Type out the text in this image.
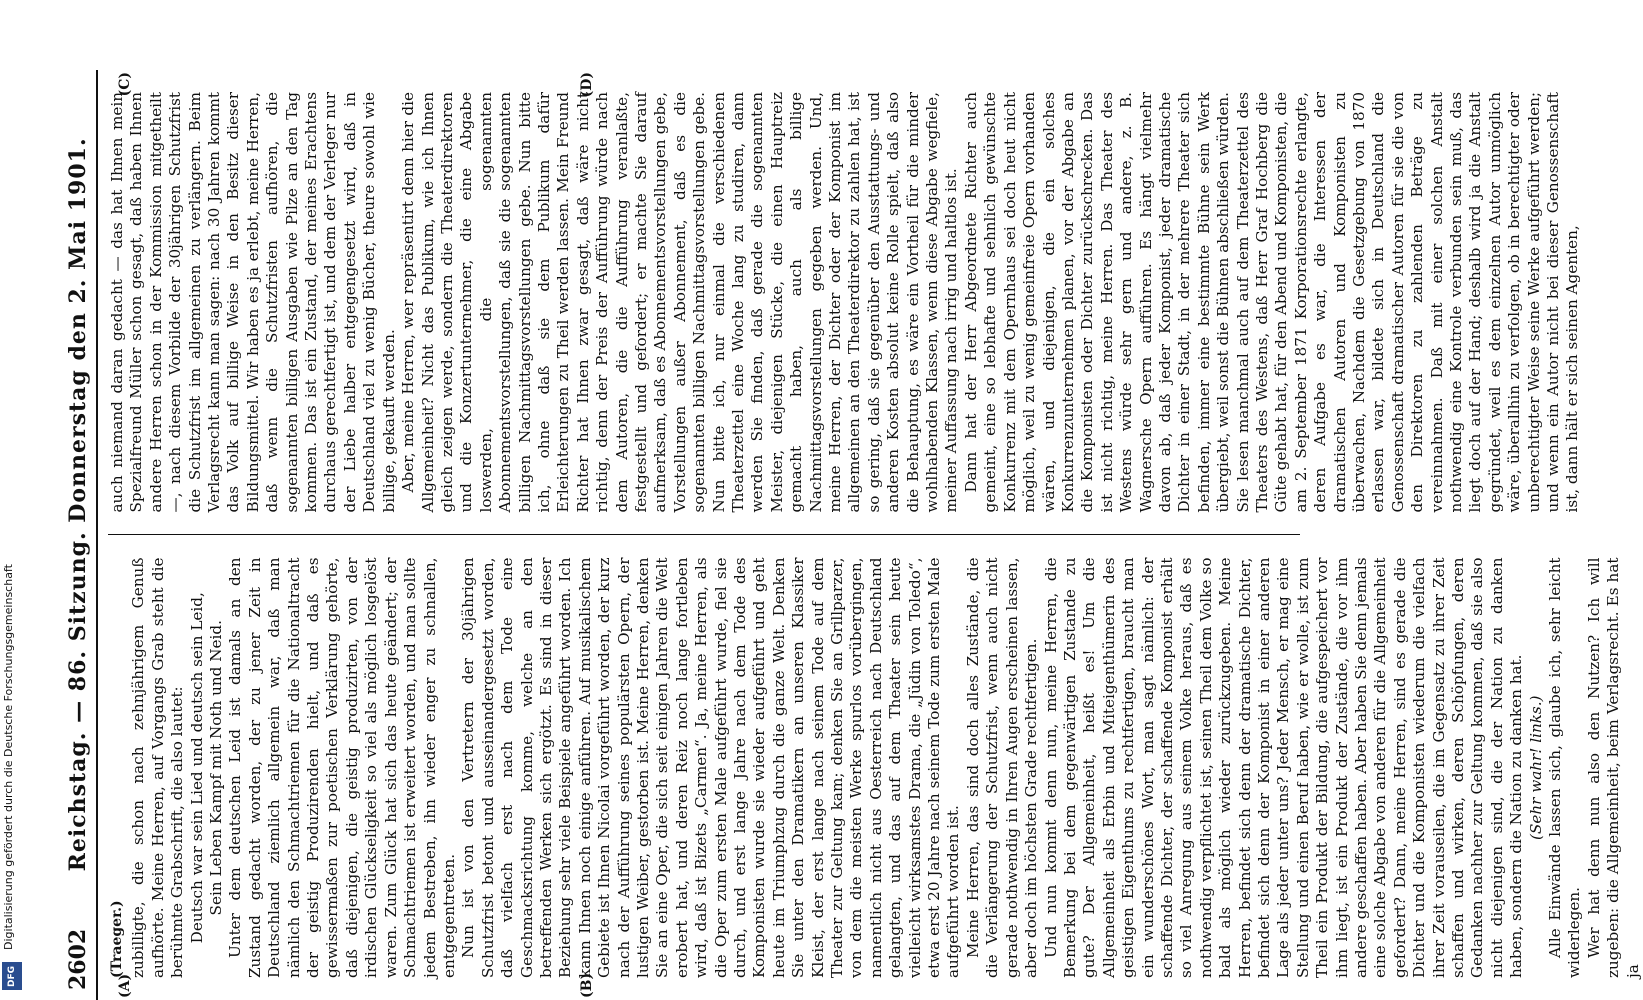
DFG 2602
Reichstag. — 86. Sitzung. Donnerstag den 2. Mai 1901.
(A)	(B)
(Traeger.) zubilligte, die schon nach zehnjährigem Genuß aufhörte. Meine Herren, auf Vorgangs Grab steht die berühmte Grabschrift, die also lautet: Deutsch war sein Lied und deutsch sein Leid, Sein Leben Kampf mit Noth und Neid. Unter dem deutschen Leid ist damals an den Zustand gedacht worden, der zu jener Zeit in Deutschland ziemlich allgemein war, daß man nämlich den Schmachtriemen für die Nationaltracht der geistig Produzirenden hielt, und daß es gewissermaßen zur poetischen Verklärung gehörte, daß diejenigen, die geistig produzirten, von der irdischen Glückseligkeit so viel als möglich losgelöst waren. Zum Glück hat sich das heute geändert; der Schmachtriemen ist erweitert worden, und man sollte jedem Bestreben, ihn wieder enger zu schnallen, entgegentreten. Nun ist von den Vertretern der 30jährigen Schutzfrist betont und ausseinandergesetzt worden, daß vielfach erst nach dem Tode eine Geschmacksrichtung komme, welche an den betreffenden Werken sich ergötzt. Es sind in dieser Beziehung sehr viele Beispiele angeführt worden. Ich kann Ihnen noch einige anführen. Auf musikalischem Gebiete ist Ihnen Nicolai vorgeführt worden, der kurz nach der Aufführung seines populärsten Opern, der lustigen Weiber, gestorben ist. Meine Herren, denken Sie an eine Oper, die sich seit einigen Jahren die Welt erobert hat, und deren Reiz noch lange fortleben wird, daß ist Bizets „Carmen“. Ja, meine Herren, als die Oper zum ersten Male aufgeführt wurde, fiel sie durch, und erst lange Jahre nach dem Tode des Komponisten wurde sie wieder aufgeführt und geht heute im Triumphzug durch die ganze Welt. Denken Sie unter den Dramatikern an unseren Klassiker Kleist, der erst lange nach seinem Tode auf dem Theater zur Geltung kam; denken Sie an Grillparzer, von dem die meisten Werke spurlos vorübergingen, namentlich nicht aus Oesterreich nach Deutschland gelangten, und das auf dem Theater sein heute vielleicht wirksamstes Drama, die „Jüdin von Toledo“, etwa erst 20 Jahre nach seinem Tode zum ersten Male aufgeführt worden ist. Meine Herren, das sind doch alles Zustände, die die Verlängerung der Schutzfrist, wenn auch nicht gerade nothwendig in Ihren Augen erscheinen lassen, aber doch im höchsten Grade rechtfertigen. Und nun kommt denn nun, meine Herren, die Bemerkung bei dem gegenwärtigen Zustande zu gute? Der Allgemeinheit, heißt es! Um die Allgemeinheit als Erbin und Miteigenthümerin des geistigen Eigenthums zu rechtfertigen, braucht man ein wunderschönes Wort, man sagt nämlich: der schaffende Dichter, der schaffende Komponist erhält so viel Anregung aus seinem Volke heraus, daß es nothwendig verpflichtet ist, seinen Theil dem Volke so bald als möglich wieder zurückzugeben. Meine Herren, befindet sich denn der dramatische Dichter, befindet sich denn der Komponist in einer anderen Lage als jeder unter uns? Jeder Mensch, er mag eine Stellung und einen Beruf haben, wie er wolle, ist zum Theil ein Produkt der Bildung, die aufgespeichert vor ihm liegt, ist ein Produkt der Zustände, die vor ihm andere geschaffen haben. Aber haben Sie denn jemals eine solche Abgabe von anderen für die Allgemeinheit gefordert? Dann, meine Herren, sind es gerade die Dichter und die Komponisten wiederum die vielfach ihrer Zeit vorauseilen, die im Gegensatz zu ihrer Zeit schaffen und wirken, deren Schöpfungen, deren Gedanken nachher zur Geltung kommen, daß sie also nicht diejenigen sind, die der Nation zu danken haben, sondern die Nation zu danken hat. (Sehr wahr! links.) Alle Einwände lassen sich, glaube ich, sehr leicht widerlegen. Wer hat denn nun also den Nutzen? Ich will zugeben: die Allgemeinheit, beim Verlagsrecht. Es hat ja

(C)	(D)

auch niemand daran gedacht — das hat Ihnen mein Spezialfreund Müller schon gesagt, daß haben Ihnen andere Herren schon in der Kommission mitgetheilt —, nach diesem Vorbilde der 30jährigen Schutzfrist die Schutzfrist im allgemeinen zu verlängern. Beim Verlagsrecht kann man sagen: nach 30 Jahren kommt das Volk auf billige Weise in den Besitz dieser Bildungsmittel. Wir haben es ja erlebt, meine Herren, daß wenn die Schutzfristen aufhören, die sogenannten billigen Ausgaben wie Pilze an den Tag kommen. Das ist ein Zustand, der meines Erachtens durchaus gerechtfertigt ist, und dem der Verleger nur der Liebe halber entgegengesetzt wird, daß in Deutschland viel zu wenig Bücher, theure sowohl wie billige, gekauft werden. Aber, meine Herren, wer repräsentirt denn hier die Allgemeinheit? Nicht das Publikum, wie ich Ihnen gleich zeigen werde, sondern die Theaterdirektoren und die Konzertunternehmer, die eine Abgabe loswerden, die sogenannten Abonnementsvorstellungen, daß sie die sogenannten billigen Nachmittagsvorstellungen gebe. Nun bitte ich, ohne daß sie dem Publikum dafür Erleichterungen zu Theil werden lassen. Mein Freund Richter hat Ihnen zwar gesagt, daß wäre nicht richtig, denn der Preis der Aufführung würde nach dem Autoren, die die Aufführung veranlaßte, festgestellt und gefordert; er machte Sie darauf aufmerksam, daß es Abonnementsvorstellungen gebe, Vorstellungen außer Abonnement, daß es die sogenannten billigen Nachmittagsvorstellungen gebe. Nun bitte ich, nur einmal die verschiedenen Theaterzettel eine Woche lang zu studiren, dann werden Sie finden, daß gerade die sogenannten Meister, diejenigen Stücke, die einen Hauptreiz gemacht haben, auch als billige Nachmittagsvorstellungen gegeben werden. Und, meine Herren, der Dichter oder der Komponist im allgemeinen an den Theaterdirektor zu zahlen hat, ist so gering, daß sie gegenüber den Ausstattungs- und anderen Kosten absolut keine Rolle spielt, daß also die Behauptung, es wäre ein Vortheil für die minder wohlhabenden Klassen, wenn diese Abgabe wegfiele, meiner Auffassung nach irrig und haltlos ist. Dann hat der Herr Abgeordnete Richter auch gemeint, eine so lebhafte und sehnlich gewünschte Konkurrenz mit dem Opernhaus sei doch heut nicht möglich, weil zu wenig gemeinfreie Opern vorhanden wären, und diejenigen, die ein solches Konkurrenzunternehmen planen, vor der Abgabe an die Komponisten oder Dichter zurückschrecken. Das ist nicht richtig, meine Herren. Das Theater des Westens würde sehr gern und andere, z. B. Wagnersche Opern aufführen. Es hängt vielmehr davon ab, daß jeder Komponist, jeder dramatische Dichter in einer Stadt, in der mehrere Theater sich befinden, immer eine bestimmte Bühne sein Werk übergiebt, weil sonst die Bühnen abschließen würden. Sie lesen manchmal auch auf dem Theaterzettel des Theaters des Westens, daß Herr Graf Hochberg die Güte gehabt hat, für den Abend und Komponisten, die am 2. September 1871 Korporationsrechte erlangte, deren Aufgabe es war, die Interessen der dramatischen Autoren und Komponisten zu überwachen, Nachdem die Gesetzgebung von 1870 erlassen war, bildete sich in Deutschland die Genossenschaft dramatischer Autoren für sie die von den Direktoren zu zahlenden Beträge zu vereinnahmen. Daß mit einer solchen Anstalt nothwendig eine Kontrole verbunden sein muß, das liegt doch auf der Hand; deshalb wird ja die Anstalt gegründet, weil es dem einzelnen Autor unmöglich wäre, überallhin zu verfolgen, ob in berechtigter oder unberechtigter Weise seine Werke aufgeführt werden; und wenn ein Autor nicht bei dieser Genossenschaft ist, dann hält er sich seinen Agenten,
